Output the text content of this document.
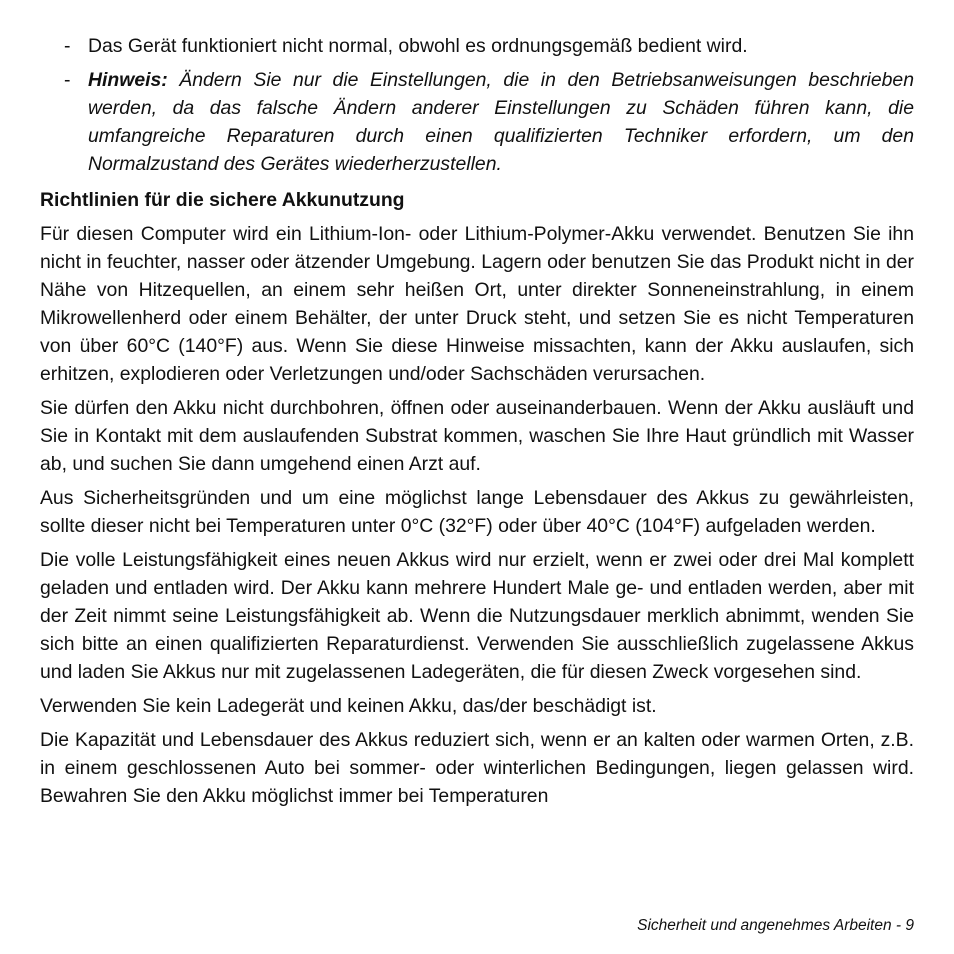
- Das Gerät funktioniert nicht normal, obwohl es ordnungsgemäß bedient wird.
- Hinweis: Ändern Sie nur die Einstellungen, die in den Betriebsanweisungen beschrieben werden, da das falsche Ändern anderer Einstellungen zu Schäden führen kann, die umfangreiche Reparaturen durch einen qualifizierten Techniker erfordern, um den Normalzustand des Gerätes wiederherzustellen.
Richtlinien für die sichere Akkunutzung

Für diesen Computer wird ein Lithium-Ion- oder Lithium-Polymer-Akku verwendet. Benutzen Sie ihn nicht in feuchter, nasser oder ätzender Umgebung. Lagern oder benutzen Sie das Produkt nicht in der Nähe von Hitzequellen, an einem sehr heißen Ort, unter direkter Sonneneinstrahlung, in einem Mikrowellenherd oder einem Behälter, der unter Druck steht, und setzen Sie es nicht Temperaturen von über 60°C (140°F) aus. Wenn Sie diese Hinweise missachten, kann der Akku auslaufen, sich erhitzen, explodieren oder Verletzungen und/oder Sachschäden verursachen.

Sie dürfen den Akku nicht durchbohren, öffnen oder auseinanderbauen. Wenn der Akku ausläuft und Sie in Kontakt mit dem auslaufenden Substrat kommen, waschen Sie Ihre Haut gründlich mit Wasser ab, und suchen Sie dann umgehend einen Arzt auf.

Aus Sicherheitsgründen und um eine möglichst lange Lebensdauer des Akkus zu gewährleisten, sollte dieser nicht bei Temperaturen unter 0°C (32°F) oder über 40°C (104°F) aufgeladen werden.

Die volle Leistungsfähigkeit eines neuen Akkus wird nur erzielt, wenn er zwei oder drei Mal komplett geladen und entladen wird. Der Akku kann mehrere Hundert Male ge- und entladen werden, aber mit der Zeit nimmt seine Leistungsfähigkeit ab. Wenn die Nutzungsdauer merklich abnimmt, wenden Sie sich bitte an einen qualifizierten Reparaturdienst. Verwenden Sie ausschließlich zugelassene Akkus und laden Sie Akkus nur mit zugelassenen Ladegeräten, die für diesen Zweck vorgesehen sind.

Verwenden Sie kein Ladegerät und keinen Akku, das/der beschädigt ist.

Die Kapazität und Lebensdauer des Akkus reduziert sich, wenn er an kalten oder warmen Orten, z.B. in einem geschlossenen Auto bei sommer- oder winterlichen Bedingungen, liegen gelassen wird. Bewahren Sie den Akku möglichst immer bei Temperaturen

Sicherheit und angenehmes Arbeiten - 9
